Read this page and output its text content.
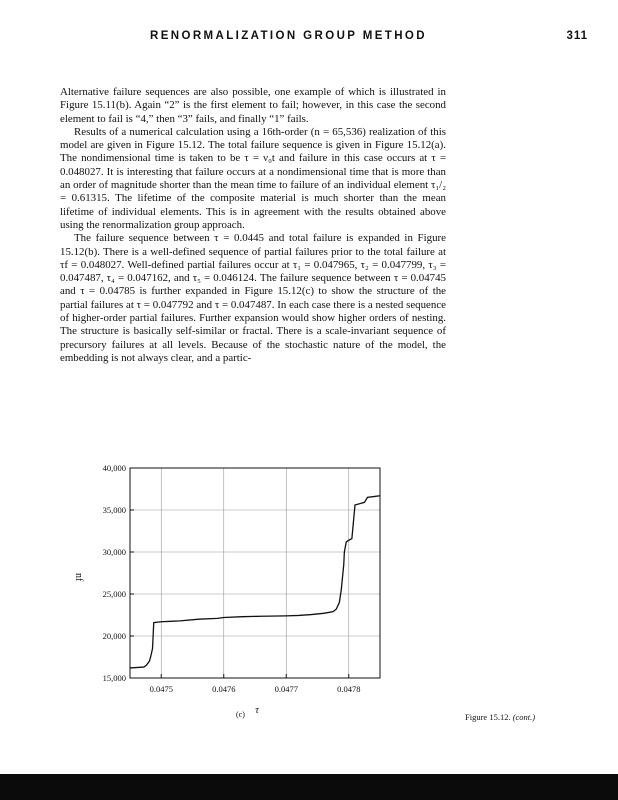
RENORMALIZATION GROUP METHOD	311

Alternative failure sequences are also possible, one example of which is illustrated in Figure 15.11(b). Again “2” is the first element to fail; however, in this case the second element to fail is “4,” then “3” fails, and finally “1” fails.

Results of a numerical calculation using a 16th-order (n = 65,536) realization of this model are given in Figure 15.12. The total failure sequence is given in Figure 15.12(a). The nondimensional time is taken to be τ = ν₀t and failure in this case occurs at τ = 0.048027. It is interesting that failure occurs at a nondimensional time that is more than an order of magnitude shorter than the mean time to failure of an individual element τ₁/₂ = 0.61315. The lifetime of the composite material is much shorter than the mean lifetime of individual elements. This is in agreement with the results obtained above using the renormalization group approach.

The failure sequence between τ = 0.0445 and total failure is expanded in Figure 15.12(b). There is a well-defined sequence of partial failures prior to the total failure at τf = 0.048027. Well-defined partial failures occur at τ₁ = 0.047965, τ₂ = 0.047799, τ₃ = 0.047487, τ₄ = 0.047162, and τ₅ = 0.046124. The failure sequence between τ = 0.04745 and τ = 0.04785 is further expanded in Figure 15.12(c) to show the structure of the partial failures at τ = 0.047792 and τ = 0.047487. In each case there is a nested sequence of higher-order partial failures. Further expansion would show higher orders of nesting. The structure is basically self-similar or fractal. There is a scale-invariant sequence of precursory failures at all levels. Because of the stochastic nature of the model, the embedding is not always clear, and a partic-

15,000
20,000
25,000
30,000
35,000
40,000
0.0475	0.0476	0.0477	0.0478
τ
nf
(c)	Figure 15.12. (cont.)
